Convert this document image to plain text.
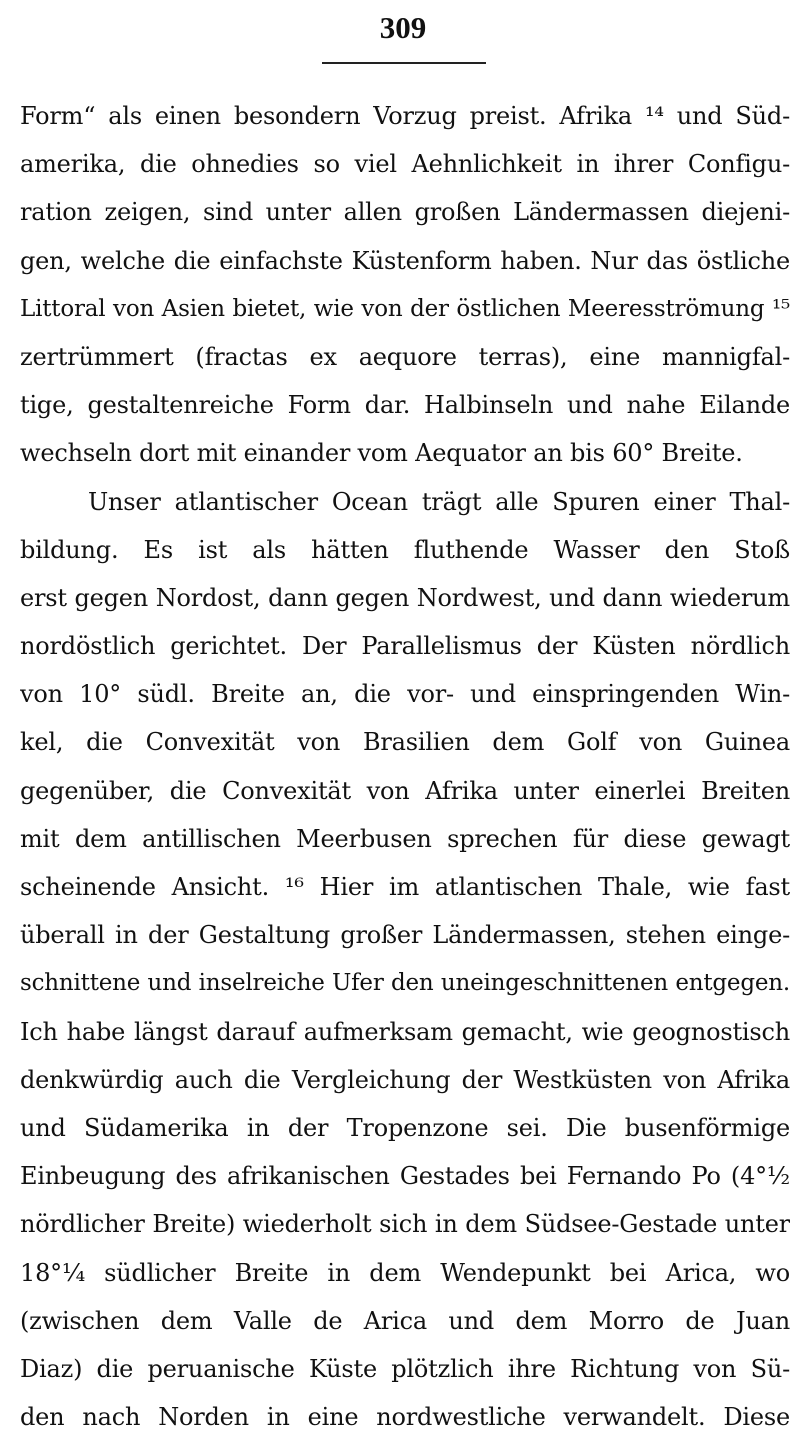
309
Form“ als einen besondern Vorzug preist. Afrika ¹⁴ und Süd-
amerika, die ohnedies so viel Aehnlichkeit in ihrer Configu-
ration zeigen, sind unter allen großen Ländermassen diejeni-
gen, welche die einfachste Küstenform haben. Nur das östliche
Littoral von Asien bietet, wie von der östlichen Meeresströmung ¹⁵
zertrümmert (fractas ex aequore terras), eine mannigfal-
tige, gestaltenreiche Form dar. Halbinseln und nahe Eilande
wechseln dort mit einander vom Aequator an bis 60° Breite.
Unser atlantischer Ocean trägt alle Spuren einer Thal-
bildung. Es ist als hätten fluthende Wasser den Stoß
erst gegen Nordost, dann gegen Nordwest, und dann wiederum
nordöstlich gerichtet. Der Parallelismus der Küsten nördlich
von 10° südl. Breite an, die vor- und einspringenden Win-
kel, die Convexität von Brasilien dem Golf von Guinea
gegenüber, die Convexität von Afrika unter einerlei Breiten
mit dem antillischen Meerbusen sprechen für diese gewagt
scheinende Ansicht. ¹⁶ Hier im atlantischen Thale, wie fast
überall in der Gestaltung großer Ländermassen, stehen einge-
schnittene und inselreiche Ufer den uneingeschnittenen entgegen.
Ich habe längst darauf aufmerksam gemacht, wie geognostisch
denkwürdig auch die Vergleichung der Westküsten von Afrika
und Südamerika in der Tropenzone sei. Die busenförmige
Einbeugung des afrikanischen Gestades bei Fernando Po (4°½
nördlicher Breite) wiederholt sich in dem Südsee-Gestade unter
18°¼ südlicher Breite in dem Wendepunkt bei Arica, wo
(zwischen dem Valle de Arica und dem Morro de Juan
Diaz) die peruanische Küste plötzlich ihre Richtung von Sü-
den nach Norden in eine nordwestliche verwandelt. Diese
